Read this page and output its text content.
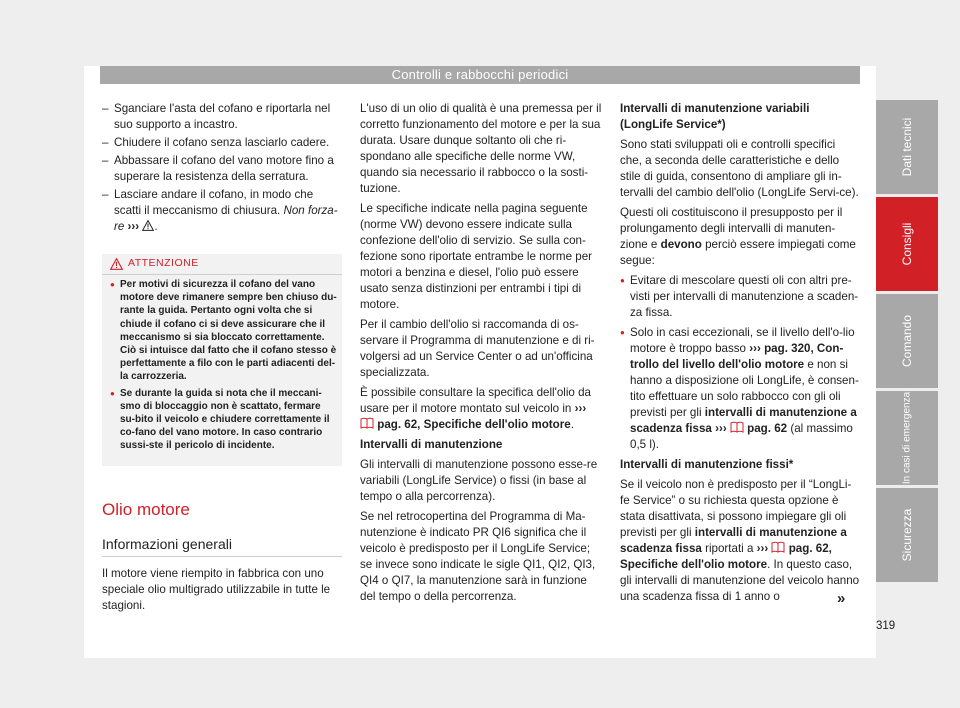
Controlli e rabbocchi periodici
– Sganciare l'asta del cofano e riportarla nel suo supporto a incastro.
– Chiudere il cofano senza lasciarlo cadere.
– Abbassare il cofano del vano motore fino a superare la resistenza della serratura.
– Lasciare andare il cofano, in modo che scatti il meccanismo di chiusura. Non forza-re ››› .
ATTENZIONE
● Per motivi di sicurezza il cofano del vano motore deve rimanere sempre ben chiuso du-rante la guida. Pertanto ogni volta che si chiude il cofano ci si deve assicurare che il meccanismo si sia bloccato correttamente. Ciò si intuisce dal fatto che il cofano stesso è perfettamente a filo con le parti adiacenti del-la carrozzeria.
● Se durante la guida si nota che il meccani-smo di bloccaggio non è scattato, fermare su-bito il veicolo e chiudere correttamente il co-fano del vano motore. In caso contrario sussi-ste il pericolo di incidente.
Olio motore
Informazioni generali

Il motore viene riempito in fabbrica con uno speciale olio multigrado utilizzabile in tutte le stagioni.

L'uso di un olio di qualità è una premessa per il corretto funzionamento del motore e per la sua durata. Usare dunque soltanto oli che ri-spondano alle specifiche delle norme VW, quando sia necessario il rabbocco o la sosti-tuzione.

Le specifiche indicate nella pagina seguente (norme VW) devono essere indicate sulla confezione dell'olio di servizio. Se sulla con-fezione sono riportate entrambe le norme per motori a benzina e diesel, l'olio può essere usato senza distinzioni per entrambi i tipi di motore.

Per il cambio dell'olio si raccomanda di os-servare il Programma di manutenzione e di ri-volgersi ad un Service Center o ad un'officina specializzata.

È possibile consultare la specifica dell'olio da usare per il motore montato sul veicolo in ›››  pag. 62, Specifiche dell'olio motore.

Intervalli di manutenzione

Gli intervalli di manutenzione possono esse-re variabili (LongLife Service) o fissi (in base al tempo o alla percorrenza).

Se nel retrocopertina del Programma di Ma-nutenzione è indicato PR QI6 significa che il veicolo è predisposto per il LongLife Service; se invece sono indicate le sigle QI1, QI2, QI3, QI4 o QI7, la manutenzione sarà in funzione del tempo o della percorrenza.

Intervalli di manutenzione variabili (LongLife Service*)

Sono stati sviluppati oli e controlli specifici che, a seconda delle caratteristiche e dello stile di guida, consentono di ampliare gli in-tervalli del cambio dell'olio (LongLife Servi-ce).

Questi oli costituiscono il presupposto per il prolungamento degli intervalli di manuten-zione e devono perciò essere impiegati come segue:

● Evitare di mescolare questi oli con altri pre-visti per intervalli di manutenzione a scaden-za fissa.
● Solo in casi eccezionali, se il livello dell'o-lio motore è troppo basso ››› pag. 320, Con-trollo del livello dell'olio motore e non si hanno a disposizione oli LongLife, è consen-tito effettuare un solo rabbocco con gli oli previsti per gli intervalli di manutenzione a scadenza fissa ››› pag. 62 (al massimo 0,5 l).

Intervalli di manutenzione fissi*

Se il veicolo non è predisposto per il “LongLi-fe Service” o su richiesta questa opzione è stata disattivata, si possono impiegare gli oli previsti per gli intervalli di manutenzione a scadenza fissa riportati a ››› pag. 62, Specifiche dell'olio motore. In questo caso, gli intervalli di manutenzione del veicolo hanno una scadenza fissa di 1 anno o	»
Dati tecnici
Consigli
Comando
In casi di emergenza
Sicurezza
319
